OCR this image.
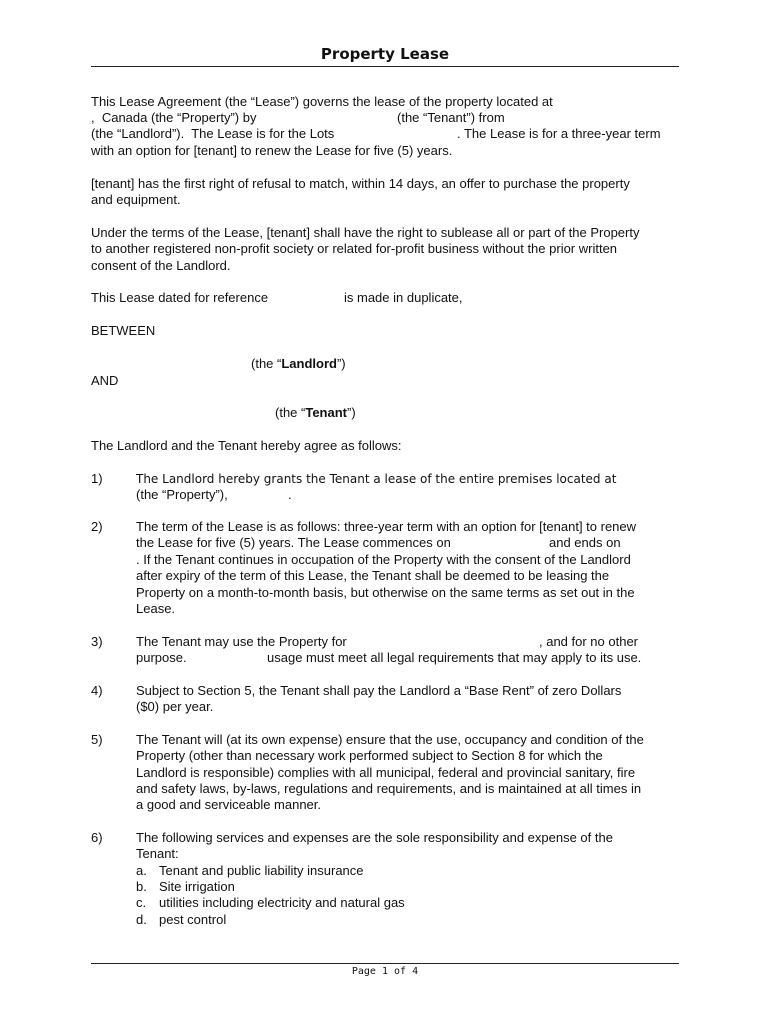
Property Lease
This Lease Agreement (the “Lease”) governs the lease of the property located at
,  Canada (the “Property”) by	(the “Tenant”) from
(the “Landlord”).  The Lease is for the Lots	. The Lease is for a three-year term
with an option for [tenant] to renew the Lease for five (5) years.
[tenant] has the first right of refusal to match, within 14 days, an offer to purchase the property
and equipment.
Under the terms of the Lease, [tenant] shall have the right to sublease all or part of the Property
to another registered non-profit society or related for-profit business without the prior written
consent of the Landlord.
This Lease dated for reference	is made in duplicate,
BETWEEN
(the “Landlord”)
AND
(the “Tenant”)
The Landlord and the Tenant hereby agree as follows:
1)	The Landlord hereby grants the Tenant a lease of the entire premises located at
(the “Property”),	.
2)	The term of the Lease is as follows: three-year term with an option for [tenant] to renew
the Lease for five (5) years. The Lease commences on	and ends on
. If the Tenant continues in occupation of the Property with the consent of the Landlord
after expiry of the term of this Lease, the Tenant shall be deemed to be leasing the
Property on a month-to-month basis, but otherwise on the same terms as set out in the
Lease.
3)	The Tenant may use the Property for	, and for no other
purpose.	usage must meet all legal requirements that may apply to its use.
4)	Subject to Section 5, the Tenant shall pay the Landlord a “Base Rent” of zero Dollars
($0) per year.
5)	The Tenant will (at its own expense) ensure that the use, occupancy and condition of the
Property (other than necessary work performed subject to Section 8 for which the
Landlord is responsible) complies with all municipal, federal and provincial sanitary, fire
and safety laws, by-laws, regulations and requirements, and is maintained at all times in
a good and serviceable manner.
6)	The following services and expenses are the sole responsibility and expense of the
Tenant:
a. Tenant and public liability insurance
b. Site irrigation
c. utilities including electricity and natural gas
d. pest control
Page 1 of 4
